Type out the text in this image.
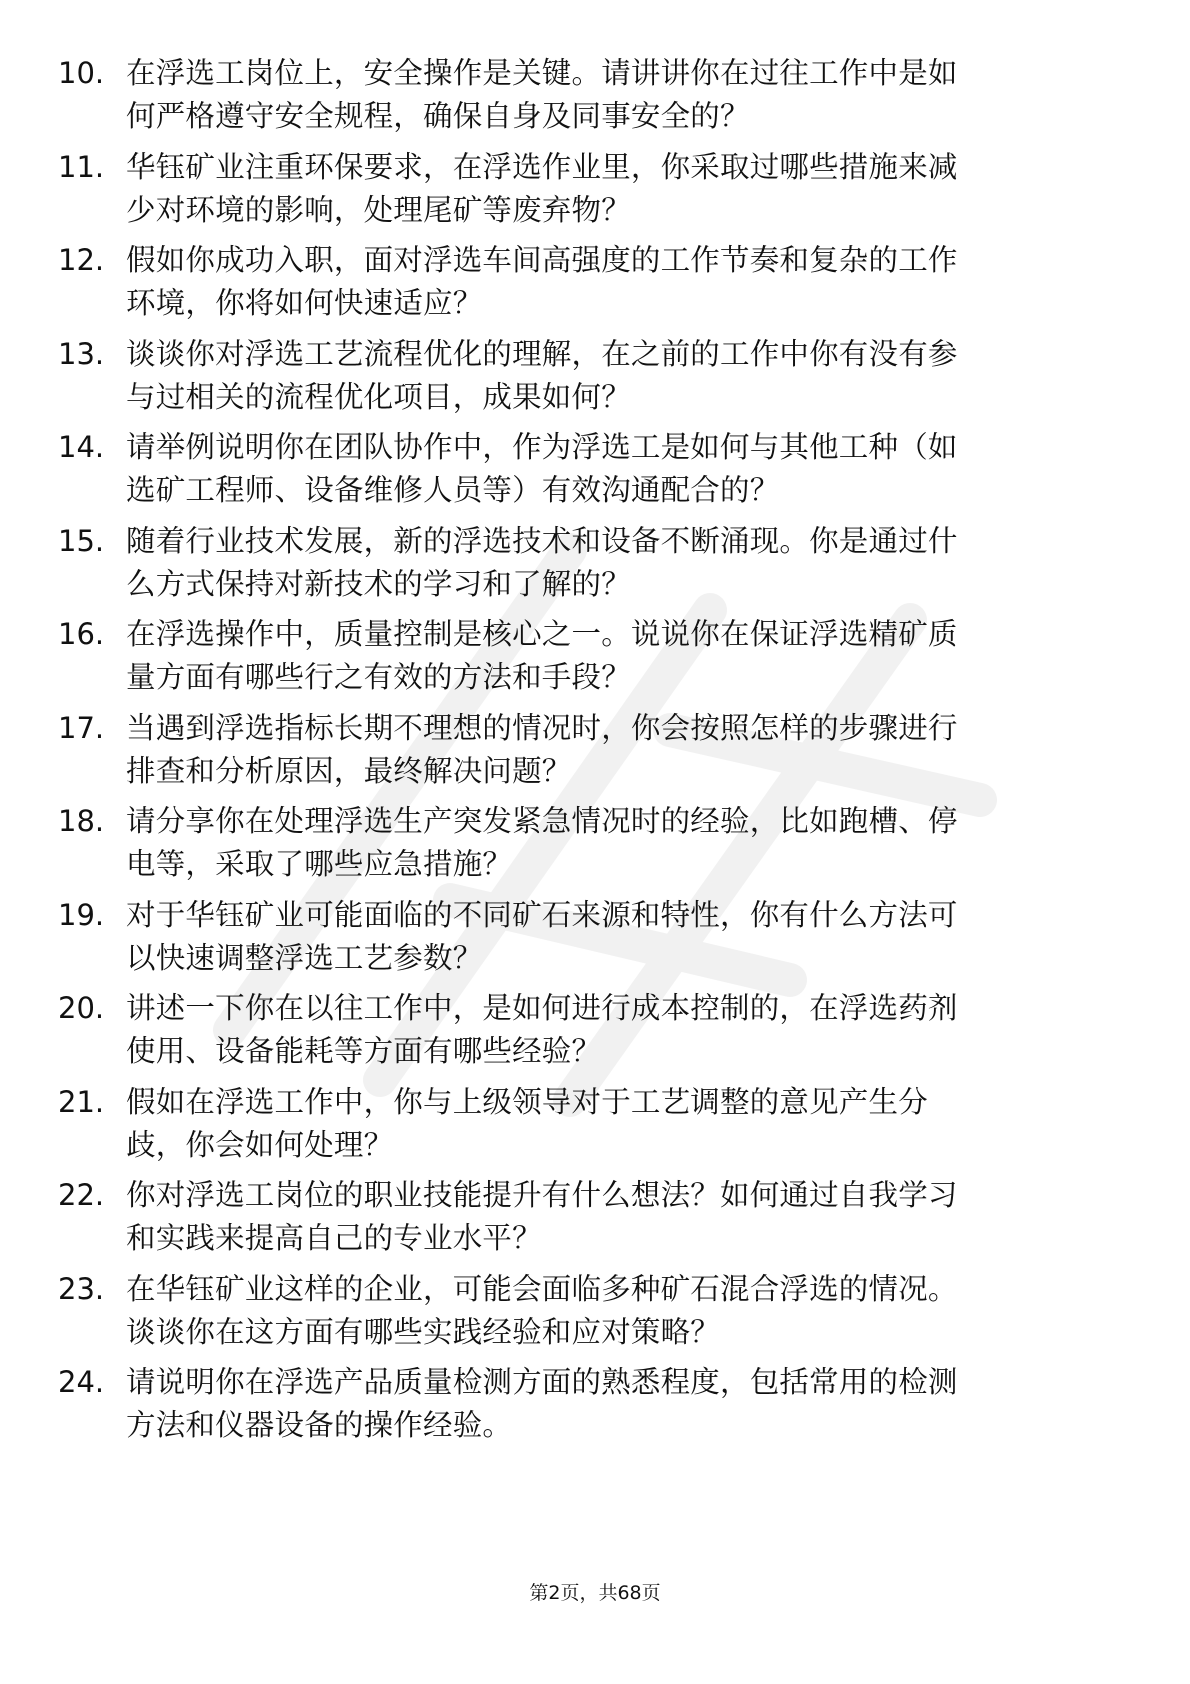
10. 在浮选工岗位上，安全操作是关键。请讲讲你在过往工作中是如
何严格遵守安全规程，确保自身及同事安全的？
11. 华钰矿业注重环保要求，在浮选作业里，你采取过哪些措施来减
少对环境的影响，处理尾矿等废弃物？
12. 假如你成功入职，面对浮选车间高强度的工作节奏和复杂的工作
环境，你将如何快速适应？
13. 谈谈你对浮选工艺流程优化的理解，在之前的工作中你有没有参
与过相关的流程优化项目，成果如何？
14. 请举例说明你在团队协作中，作为浮选工是如何与其他工种（如
选矿工程师、设备维修人员等）有效沟通配合的？
15. 随着行业技术发展，新的浮选技术和设备不断涌现。你是通过什
么方式保持对新技术的学习和了解的？
16. 在浮选操作中，质量控制是核心之一。说说你在保证浮选精矿质
量方面有哪些行之有效的方法和手段？
17. 当遇到浮选指标长期不理想的情况时，你会按照怎样的步骤进行
排查和分析原因，最终解决问题？
18. 请分享你在处理浮选生产突发紧急情况时的经验，比如跑槽、停
电等，采取了哪些应急措施？
19. 对于华钰矿业可能面临的不同矿石来源和特性，你有什么方法可
以快速调整浮选工艺参数？
20. 讲述一下你在以往工作中，是如何进行成本控制的，在浮选药剂
使用、设备能耗等方面有哪些经验？
21. 假如在浮选工作中，你与上级领导对于工艺调整的意见产生分
歧，你会如何处理？
22. 你对浮选工岗位的职业技能提升有什么想法？如何通过自我学习
和实践来提高自己的专业水平？
23. 在华钰矿业这样的企业，可能会面临多种矿石混合浮选的情况。
谈谈你在这方面有哪些实践经验和应对策略？
24. 请说明你在浮选产品质量检测方面的熟悉程度，包括常用的检测
方法和仪器设备的操作经验。
第2页，共68页
